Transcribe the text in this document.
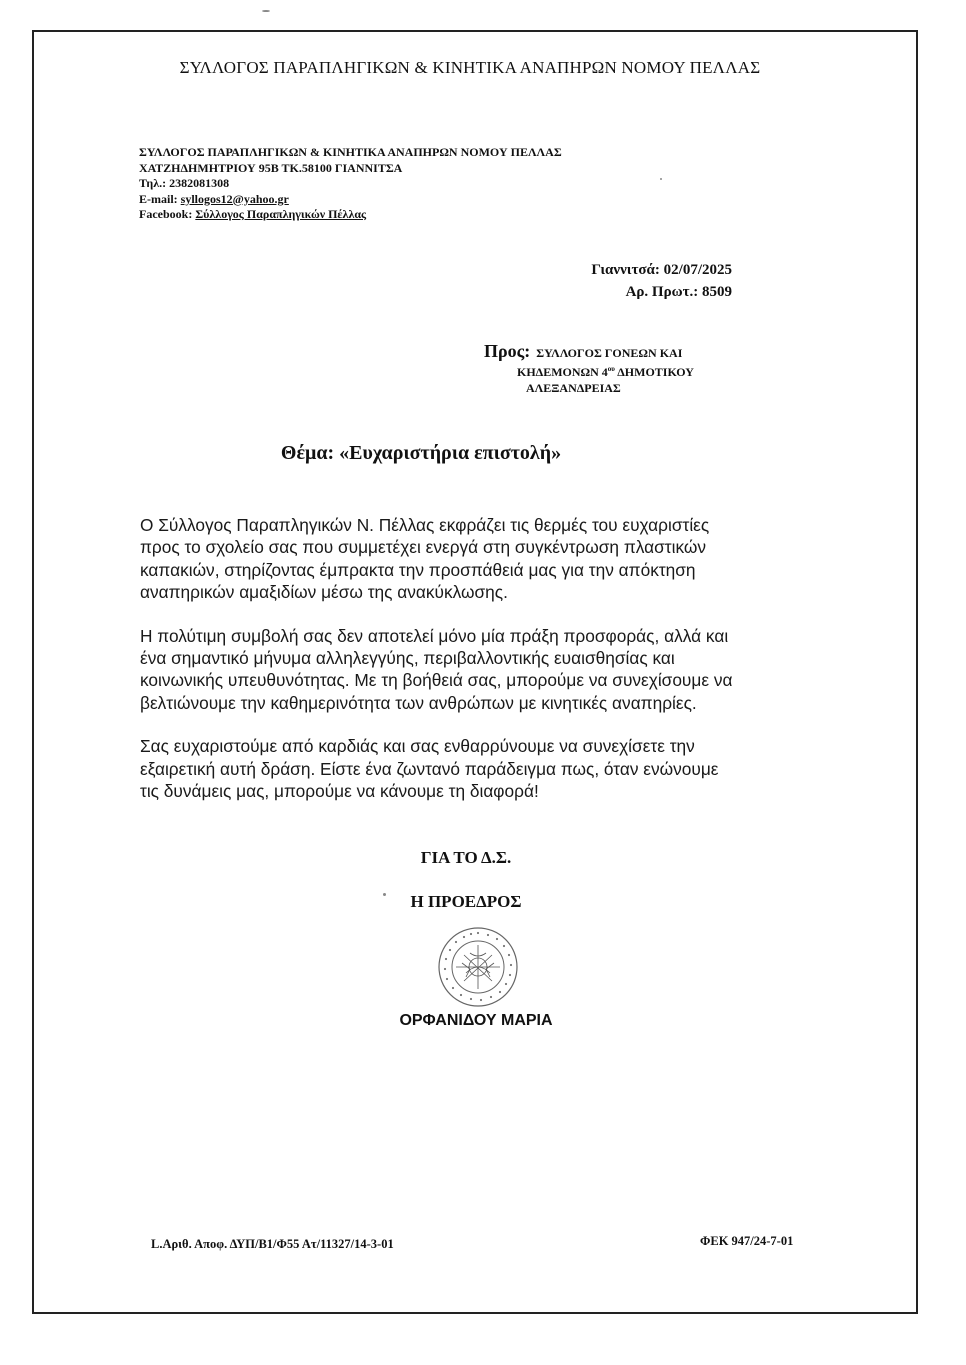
ΣΥΛΛΟΓΟΣ ΠΑΡΑΠΛΗΓΙΚΩΝ & ΚΙΝΗΤΙΚΑ ΑΝΑΠΗΡΩΝ ΝΟΜΟΥ ΠΕΛΛΑΣ
ΣΥΛΛΟΓΟΣ ΠΑΡΑΠΛΗΓΙΚΩΝ & ΚΙΝΗΤΙΚΑ ΑΝΑΠΗΡΩΝ ΝΟΜΟΥ ΠΕΛΛΑΣ
ΧΑΤΖΗΔΗΜΗΤΡΙΟΥ 95Β ΤΚ.58100 ΓΙΑΝΝΙΤΣΑ
Τηλ.: 2382081308
E-mail: syllogos12@yahoo.gr
Facebook: Σύλλογος Παραπληγικών Πέλλας
Γιαννιτσά: 02/07/2025
Αρ. Πρωτ.: 8509
Προς: ΣΥΛΛΟΓΟΣ ΓΟΝΕΩΝ ΚΑΙ
ΚΗΔΕΜΟΝΩΝ $4^{o\upsilon}$ ΔΗΜΟΤΙΚΟΥ
ΑΛΕΞΑΝΔΡΕΙΑΣ
Θέμα: «Ευχαριστήρια επιστολή»

Ο Σύλλογος Παραπληγικών Ν. Πέλλας εκφράζει τις θερμές του ευχαριστίες
προς το σχολείο σας που συμμετέχει ενεργά στη συγκέντρωση πλαστικών
καπακιών, στηρίζοντας έμπρακτα την προσπάθειά μας για την απόκτηση
αναπηρικών αμαξιδίων μέσω της ανακύκλωσης.

Η πολύτιμη συμβολή σας δεν αποτελεί μόνο μία πράξη προσφοράς, αλλά και
ένα σημαντικό μήνυμα αλληλεγγύης, περιβαλλοντικής ευαισθησίας και
κοινωνικής υπευθυνότητας. Με τη βοήθειά σας, μπορούμε να συνεχίσουμε να
βελτιώνουμε την καθημερινότητα των ανθρώπων με κινητικές αναπηρίες.

Σας ευχαριστούμε από καρδιάς και σας ενθαρρύνουμε να συνεχίσετε την
εξαιρετική αυτή δράση. Είστε ένα ζωντανό παράδειγμα πως, όταν ενώνουμε
τις δυνάμεις μας, μπορούμε να κάνουμε τη διαφορά!

ΓΙΑ ΤΟ Δ.Σ.
Η ΠΡΟΕΔΡΟΣ
ΟΡΦΑΝΙΔΟΥ ΜΑΡΙΑ
L.Αριθ. Αποφ. ΔΥΠ/Β1/Φ55 Ατ/11327/14-3-01	ΦΕΚ 947/24-7-01
